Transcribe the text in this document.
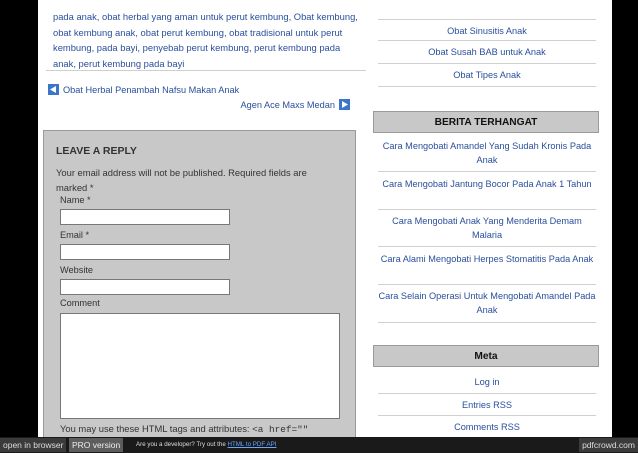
pada anak, obat herbal yang aman untuk perut kembung, Obat kembung, obat kembung anak, obat perut kembung, obat tradisional untuk perut kembung, pada bayi, penyebab perut kembung, perut kembung pada anak, perut kembung pada bayi
Obat Herbal Penambah Nafsu Makan Anak
Agen Ace Maxs Medan
LEAVE A REPLY
Your email address will not be published. Required fields are marked *
Name *
Email *
Website
Comment
You may use these HTML tags and attributes: <a href=""
Obat Sinusitis Anak
Obat Susah BAB untuk Anak
Obat Tipes Anak
BERITA TERHANGAT
Cara Mengobati Amandel Yang Sudah Kronis Pada Anak
Cara Mengobati Jantung Bocor Pada Anak 1 Tahun
Cara Mengobati Anak Yang Menderita Demam Malaria
Cara Alami Mengobati Herpes Stomatitis Pada Anak
Cara Selain Operasi Untuk Mengobati Amandel Pada Anak
Meta
Log in
Entries RSS
Comments RSS
open in browser	PRO version	Are you a developer? Try out the HTML to PDF API	pdfcrowd.com
